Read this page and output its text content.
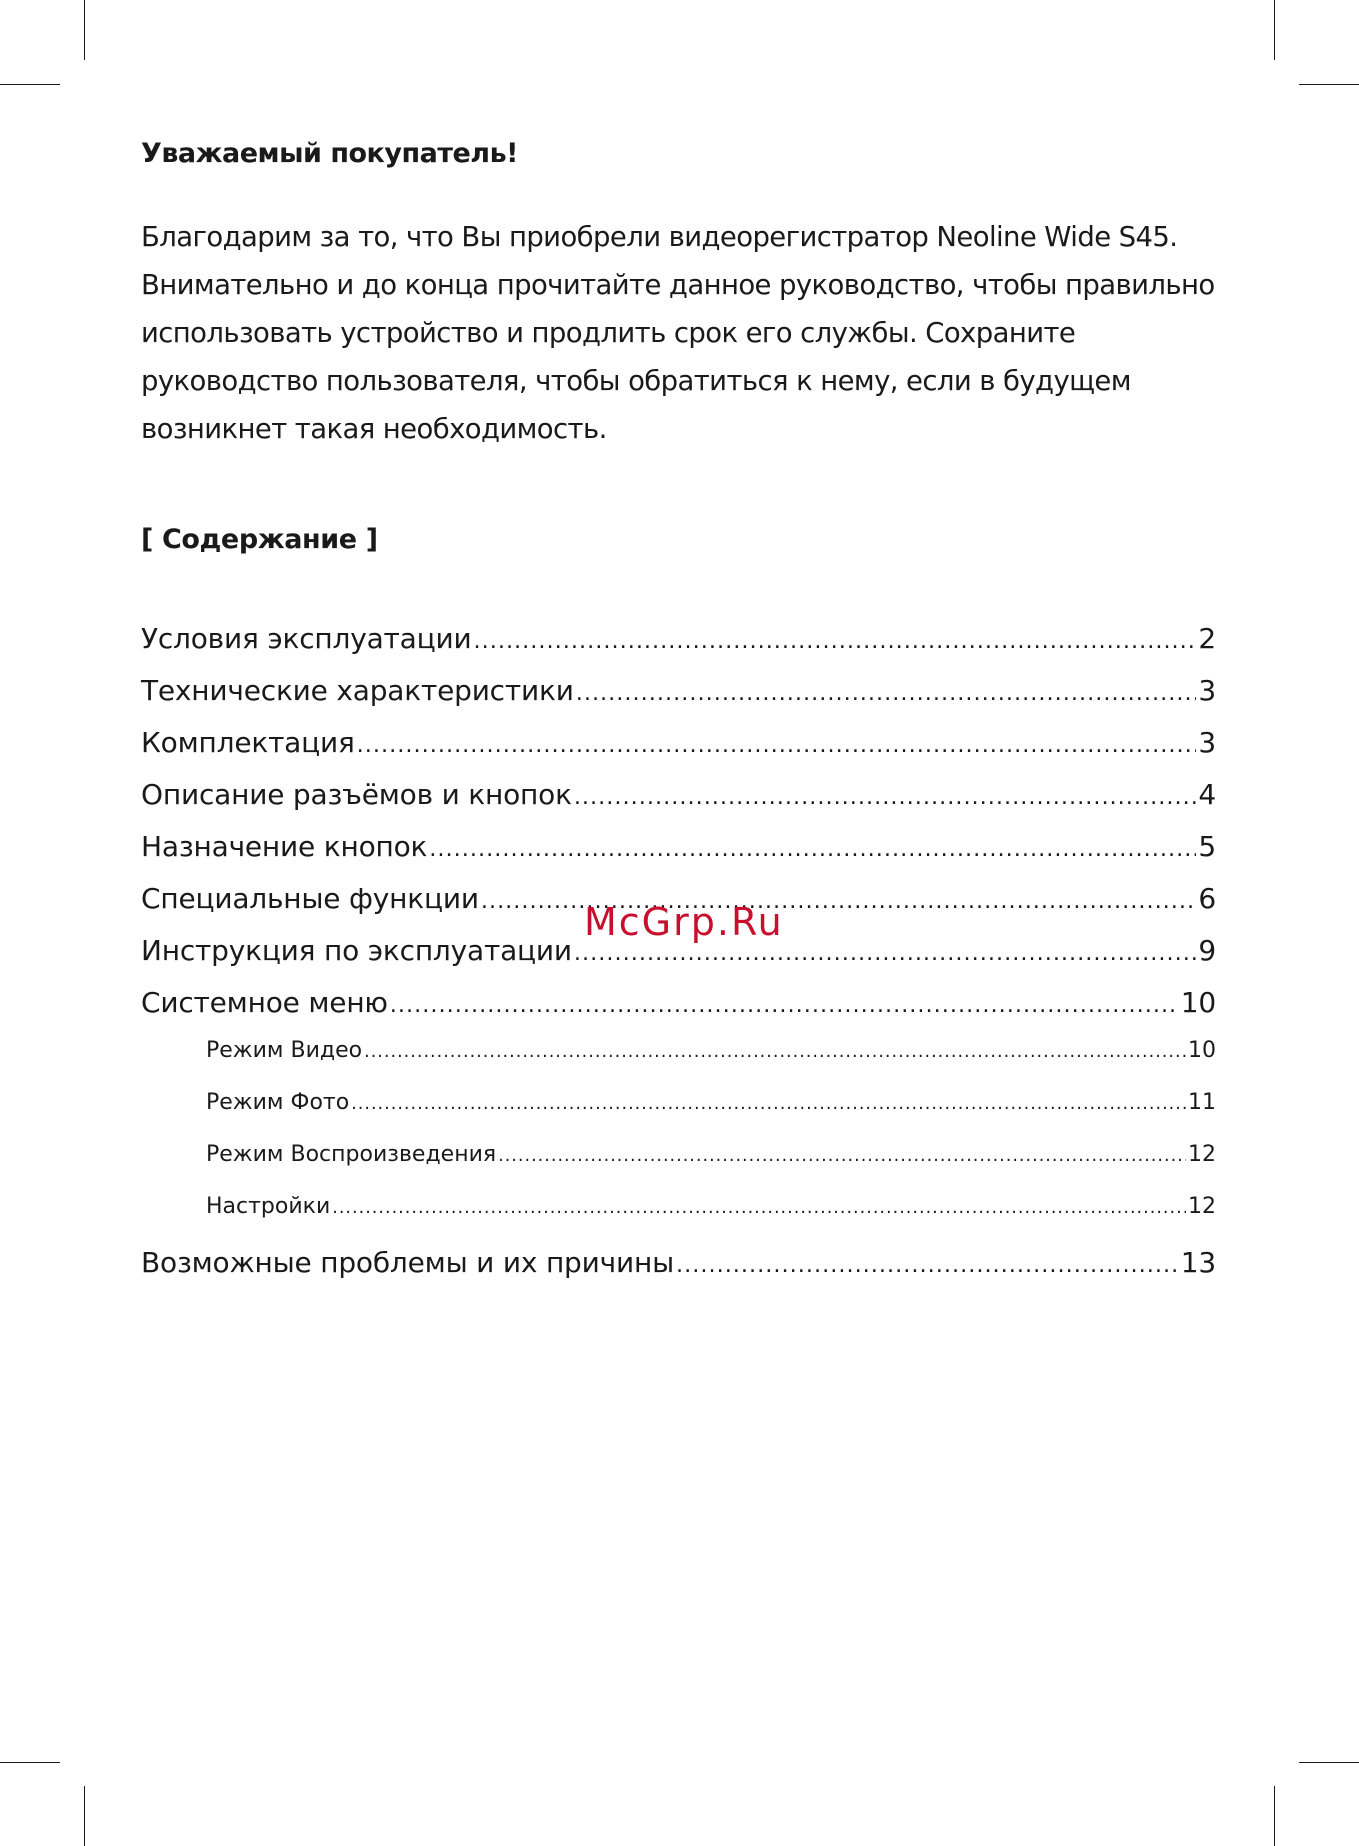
Уважаемый покупатель!

Благодарим за то, что Вы приобрели видеорегистратор Neoline Wide S45. Внимательно и до конца прочитайте данное руководство, чтобы правильно использовать устройство и продлить срок его службы. Сохраните руководство пользователя, чтобы обратиться к нему, если в будущем возникнет такая необходимость.

[ Содержание ]
Условия эксплуатации .....	2
Технические характеристики .....	3
Комплектация .....	3
Описание разъёмов и кнопок .....	4
Назначение кнопок .....	5
Специальные функции .....	6
Инструкция по эксплуатации .....	9
Системное меню .....	10
Режим Видео .....	10
Режим Фото .....	11
Режим Воспроизведения .....	12
Настройки .....	12
Возможные проблемы и их причины .....	13
McGrp.Ru
